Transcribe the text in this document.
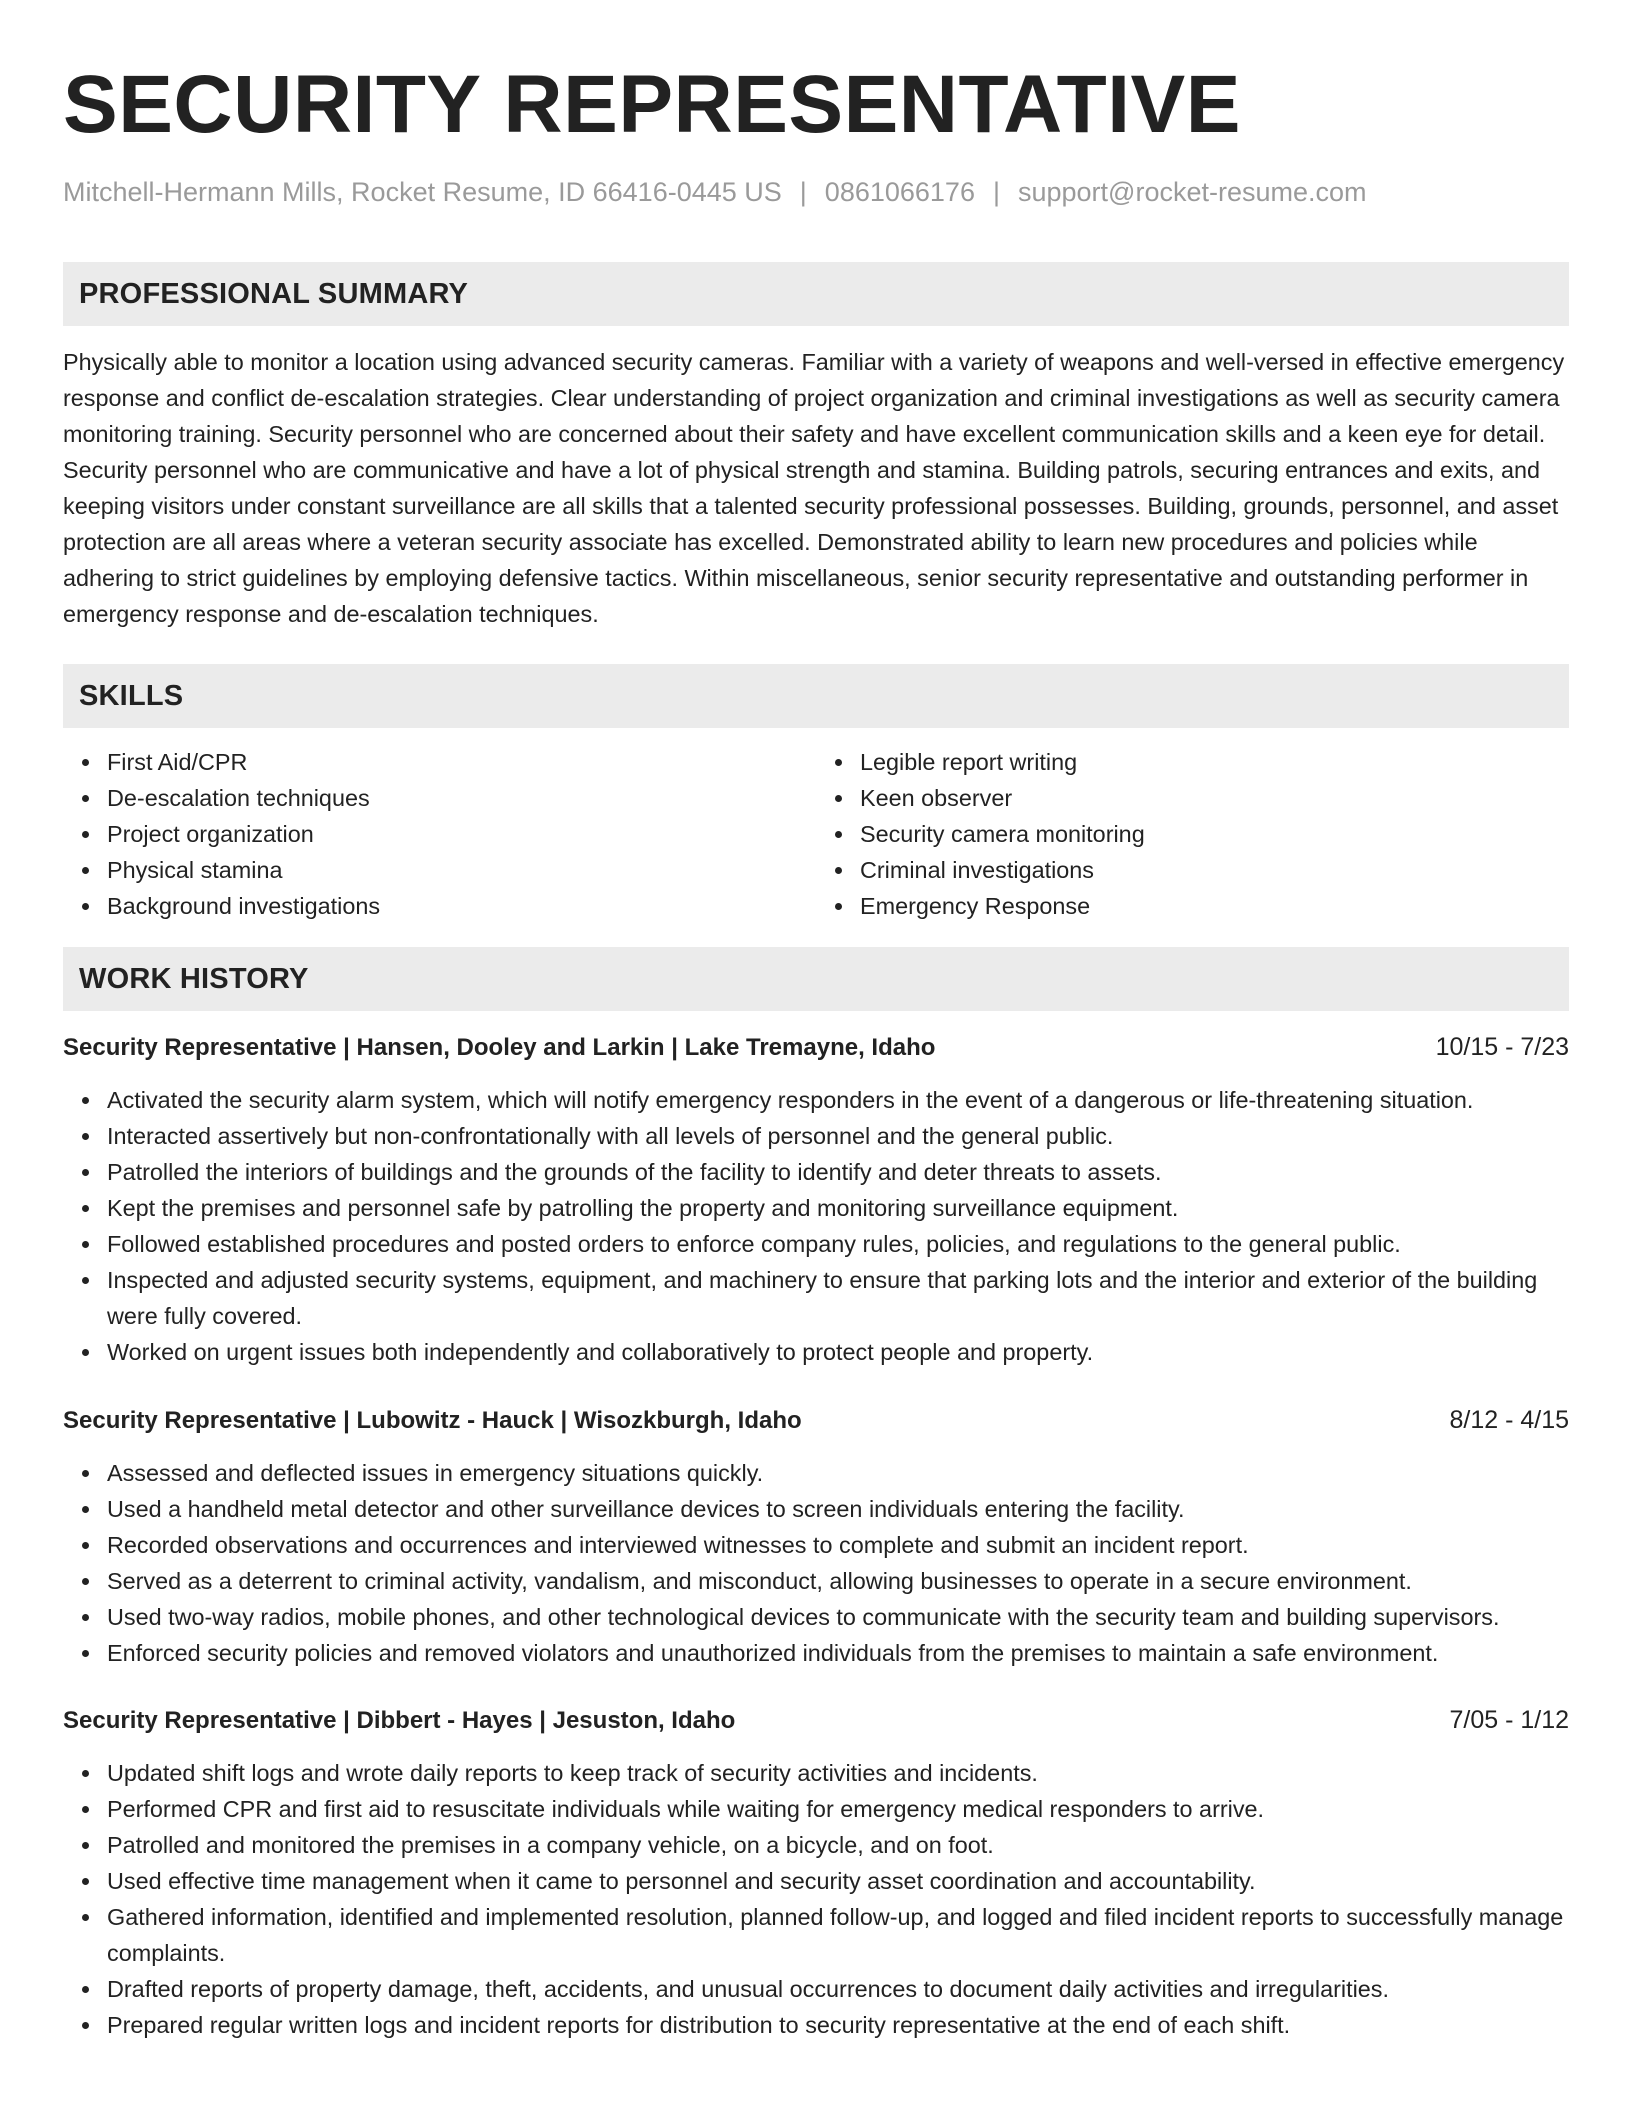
SECURITY REPRESENTATIVE
Mitchell-Hermann Mills, Rocket Resume, ID 66416-0445 US | 0861066176 | support@rocket-resume.com
PROFESSIONAL SUMMARY
Physically able to monitor a location using advanced security cameras. Familiar with a variety of weapons and well-versed in effective emergency response and conflict de-escalation strategies. Clear understanding of project organization and criminal investigations as well as security camera monitoring training. Security personnel who are concerned about their safety and have excellent communication skills and a keen eye for detail. Security personnel who are communicative and have a lot of physical strength and stamina. Building patrols, securing entrances and exits, and keeping visitors under constant surveillance are all skills that a talented security professional possesses. Building, grounds, personnel, and asset protection are all areas where a veteran security associate has excelled. Demonstrated ability to learn new procedures and policies while adhering to strict guidelines by employing defensive tactics. Within miscellaneous, senior security representative and outstanding performer in emergency response and de-escalation techniques.
SKILLS
First Aid/CPR
De-escalation techniques
Project organization
Physical stamina
Background investigations
Legible report writing
Keen observer
Security camera monitoring
Criminal investigations
Emergency Response
WORK HISTORY
Security Representative | Hansen, Dooley and Larkin | Lake Tremayne, Idaho	10/15 - 7/23
Activated the security alarm system, which will notify emergency responders in the event of a dangerous or life-threatening situation.
Interacted assertively but non-confrontationally with all levels of personnel and the general public.
Patrolled the interiors of buildings and the grounds of the facility to identify and deter threats to assets.
Kept the premises and personnel safe by patrolling the property and monitoring surveillance equipment.
Followed established procedures and posted orders to enforce company rules, policies, and regulations to the general public.
Inspected and adjusted security systems, equipment, and machinery to ensure that parking lots and the interior and exterior of the building were fully covered.
Worked on urgent issues both independently and collaboratively to protect people and property.
Security Representative | Lubowitz - Hauck | Wisozkburgh, Idaho	8/12 - 4/15
Assessed and deflected issues in emergency situations quickly.
Used a handheld metal detector and other surveillance devices to screen individuals entering the facility.
Recorded observations and occurrences and interviewed witnesses to complete and submit an incident report.
Served as a deterrent to criminal activity, vandalism, and misconduct, allowing businesses to operate in a secure environment.
Used two-way radios, mobile phones, and other technological devices to communicate with the security team and building supervisors.
Enforced security policies and removed violators and unauthorized individuals from the premises to maintain a safe environment.
Security Representative | Dibbert - Hayes | Jesuston, Idaho	7/05 - 1/12
Updated shift logs and wrote daily reports to keep track of security activities and incidents.
Performed CPR and first aid to resuscitate individuals while waiting for emergency medical responders to arrive.
Patrolled and monitored the premises in a company vehicle, on a bicycle, and on foot.
Used effective time management when it came to personnel and security asset coordination and accountability.
Gathered information, identified and implemented resolution, planned follow-up, and logged and filed incident reports to successfully manage complaints.
Drafted reports of property damage, theft, accidents, and unusual occurrences to document daily activities and irregularities.
Prepared regular written logs and incident reports for distribution to security representative at the end of each shift.
